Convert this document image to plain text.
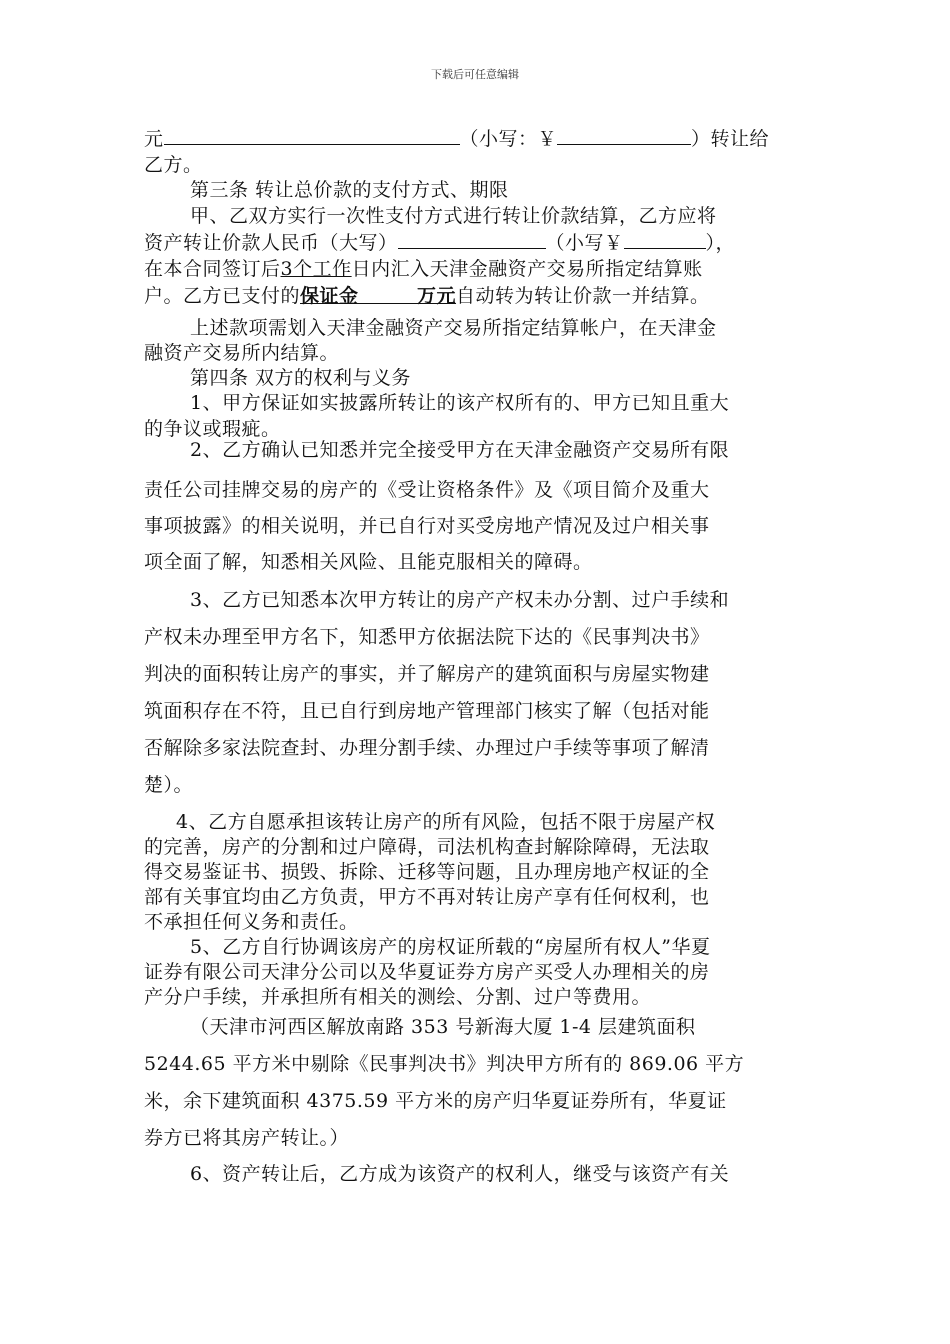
下载后可任意编辑
元	（小写：￥	）转让给
乙方。
第三条 转让总价款的支付方式、期限
甲、乙双方实行一次性支付方式进行转让价款结算，乙方应将
资产转让价款人民币（大写）	（小写￥	），
在本合同签订后3个工作日内汇入天津金融资产交易所指定结算账
户。乙方已支付的保证金　　　万元自动转为转让价款一并结算。
上述款项需划入天津金融资产交易所指定结算帐户，在天津金
融资产交易所内结算。
第四条 双方的权利与义务
1、甲方保证如实披露所转让的该产权所有的、甲方已知且重大
的争议或瑕疵。
2、乙方确认已知悉并完全接受甲方在天津金融资产交易所有限
责任公司挂牌交易的房产的《受让资格条件》及《项目简介及重大
事项披露》的相关说明，并已自行对买受房地产情况及过户相关事
项全面了解，知悉相关风险、且能克服相关的障碍。
3、乙方已知悉本次甲方转让的房产产权未办分割、过户手续和
产权未办理至甲方名下，知悉甲方依据法院下达的《民事判决书》
判决的面积转让房产的事实，并了解房产的建筑面积与房屋实物建
筑面积存在不符，且已自行到房地产管理部门核实了解（包括对能
否解除多家法院查封、办理分割手续、办理过户手续等事项了解清
楚）。
4、乙方自愿承担该转让房产的所有风险，包括不限于房屋产权
的完善，房产的分割和过户障碍，司法机构查封解除障碍，无法取
得交易鉴证书、损毁、拆除、迁移等问题，且办理房地产权证的全
部有关事宜均由乙方负责，甲方不再对转让房产享有任何权利，也
不承担任何义务和责任。
5、乙方自行协调该房产的房权证所载的“房屋所有权人”华夏
证券有限公司天津分公司以及华夏证券方房产买受人办理相关的房
产分户手续，并承担所有相关的测绘、分割、过户等费用。
（天津市河西区解放南路 353 号新海大厦 1-4 层建筑面积
5244.65 平方米中剔除《民事判决书》判决甲方所有的 869.06 平方
米，余下建筑面积 4375.59 平方米的房产归华夏证券所有，华夏证
券方已将其房产转让。）
6、资产转让后，乙方成为该资产的权利人，继受与该资产有关
